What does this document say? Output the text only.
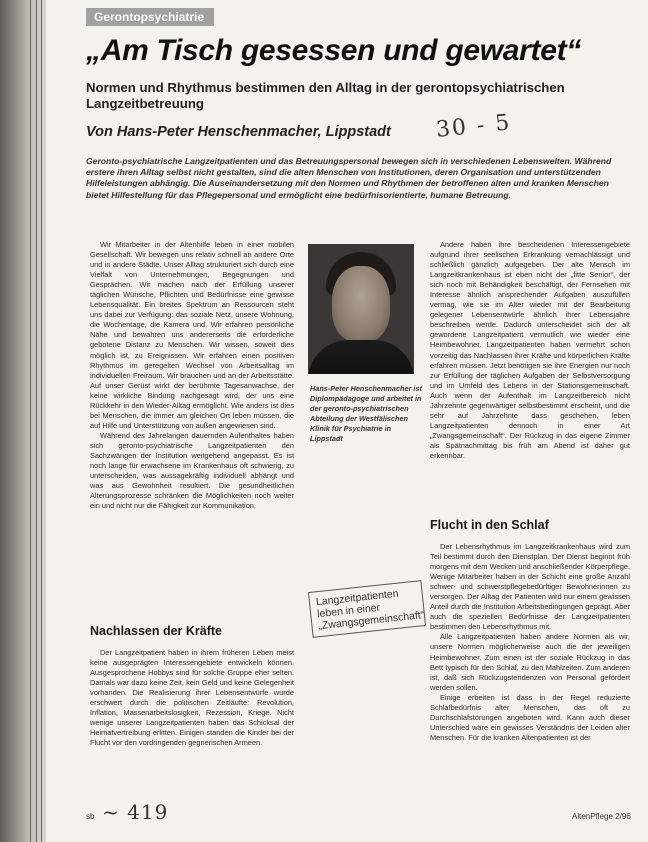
Gerontopsychiatrie
„Am Tisch gesessen und gewartet“

Normen und Rhythmus bestimmen den Alltag in der gerontopsychiatrischen Langzeitbetreuung

Von Hans-Peter Henschenmacher, Lippstadt 30 - 5

Geronto-psychiatrische Langzeitpatienten und das Betreuungspersonal bewegen sich in verschiedenen Lebenswelten. Während erstere ihren Alltag selbst nicht gestalten, sind die alten Menschen von Institutionen, deren Organisation und unterstützenden Hilfeleistungen abhängig. Die Auseinandersetzung mit den Normen und Rhythmen der betroffenen alten und kranken Menschen bietet Hilfestellung für das Pflegepersonal und ermöglicht eine bedürfnisorientierte, humane Betreuung.

Wir Mitarbeiter in der Altenhilfe leben in einer mobilen Gesellschaft. Wir bewegen uns relativ schnell an andere Orte und in andere Städte. Unser Alltag strukturiert sich durch eine Vielfalt von Unternehmungen, Begegnungen und Gesprächen. Wir machen nach der Erfüllung unserer täglichen Wünsche, Pflichten und Bedürfnisse eine gewisse Lebensqualität. Ein breites Spektrum an Ressourcen steht uns dabei zur Verfügung: das soziale Netz, unsere Wohnung, die Wochentage, die Kamera und. Wir erfahren persönliche Nähe und bewahren uns andererseits die erforderliche gebotene Distanz zu Menschen. Wir wissen, soweit dies möglich ist, zu Ereignissen. Wir erfahren einen positiven Rhythmus im geregelten Wechsel von Arbeitsalltag im individuellen Freiraum. Wir brauchen und an der Arbeitsstätte. Auf unser Gerüst wirkt der berühmte Tagesanwachse, der keine wirkliche Bindung nachgesagt wird, der uns eine Rückkehr in den Wieder-Alltag ermöglicht. Wie anders ist dies bei Menschen, die immer am gleichen Ort leben müssen, die auf Hilfe und Unterstützung von außen angewiesen sind.

Während des Jahrelangen dauernden Aufenthaltes haben sich geronto-psychiatrische Langzeitpatienten den Sachzwängen der Institution weitgehend angepasst. Es ist noch lange für erwachsene im Krankenhaus oft schwierig, zu unterscheiden, was aussagekräftig individuell abhängt und was aus Gewohnheit resultiert. Die gesundheitlichen Alterungsprozesse schränken die Möglichkeiten noch weiter ein und nicht nur die Fähigkeit zur Kommunikation.

Nachlassen der Kräfte

Der Langzeitpatient haben in ihrem früheren Leben meist keine ausgeprägten Interessengebiete entwickeln können. Ausgesprochene Hobbys sind für solche Gruppe eher selten. Damals war dazu keine Zeit, kein Geld und keine Gelegenheit vorhanden. Die Realisierung ihrer Lebensentwürfe wurde erschwert durch die politischen Zeitläufte: Revolution, Inflation, Massenarbeitslosigkeit, Rezession, Kriege. Nicht wenige unserer Langzeitpatienten haben das Schicksal der Heimatvertreibung erlitten. Einigen standen die Kinder bei der Flucht vor den vordringenden gegnerischen Armeen.

Hans-Peter Henschenmacher ist Diplompädagoge und arbeitet in der geronto-psychiatrischen Abteilung der Westfälischen Klinik für Psychiatrie in Lippstadt

Langzeitpatienten leben in einer „Zwangsgemeinschaft“

Andere haben ihre bescheidenen Interessengebiete aufgrund ihrer seelischen Erkrankung vernachlässigt und schließlich gänzlich aufgegeben. Der alte Mensch im Langzeitkrankenhaus ist eben nicht der „fitte Senior“, der sich noch mit Behändigkeit beschäftigt, der Fernsehen mit Interesse ähnlich ansprechender Aufgaben auszufüllen vermag, wie sie im Alter wieder mit der Bearbeitung gelegener Lebensentwürfe ähnlich ihrer Lebensjahre beschreiben werde. Dadurch unterscheidet sich der alt gewordene Langzeitpatient vermutlich wie wieder eine Heimbewohner. Langzeitpatienten haben vermehrt schon vorzeitig das Nachlassen ihrer Kräfte und körperlichen Kräfte erfahren müssen. Jetzt benötigen sie ihre Energien nur noch zur Erfüllung der täglichen Aufgaben der Selbstversorgung und im Umfeld des Lebens in der Stationsgemeinschaft. Auch wenn der Aufenthalt im Langzeitbereich nicht Jahrzehnte gegenwärtiger selbstbestimmt erscheint, und die sehr auf Jahrzehnte dass geschehen, leben Langzeitpatienten dennoch in einer Art „Zwangsgemeinschaft“. Der Rückzug in das eigene Zimmer als Spätnachmittag bis früh am Abend ist daher gut erkennbar.

Flucht in den Schlaf

Der Lebensrhythmus im Langzeitkrankenhaus wird zum Teil bestimmt durch den Dienstplan. Der Dienst beginnt früh morgens mit dem Wecken und anschließender Körperpflege. Wenige Mitarbeiter haben in der Schicht eine große Anzahl schwer- und schwerstpflegebedürftiger Bewohnerinnen zu versorgen. Der Alltag der Patienten wird nur einem gewissen Anteil durch die Institution Arbeitsbedingungen geprägt. Aber auch die speziellen Bedürfnisse der Langzeitpatienten bestimmen den Lebensrhythmus mit.

Alle Langzeitpatienten haben andere Normen als wir, unsere Normen möglicherweise auch die der jeweiligen Heimbewohner. Zum einen ist der soziale Rückzug in das Bett typisch für den Schlaf, zu den Mahlzeiten. Zum anderen ist, daß sich Rückzugstendenzen von Personal gefördert werden sollen.

Einige erbeiten ist dass in der Regel reduzierte Schlafbedürfnis alter Menschen, das oft zu Durchschlafstörungen angeboten wird. Kann auch dieser Unterschied wäre ein gewisses Verständnis der Leiden alter Menschen. Für die kranken Altenpatienten ist der

sb ~ 419	AltenPflege 2/96
